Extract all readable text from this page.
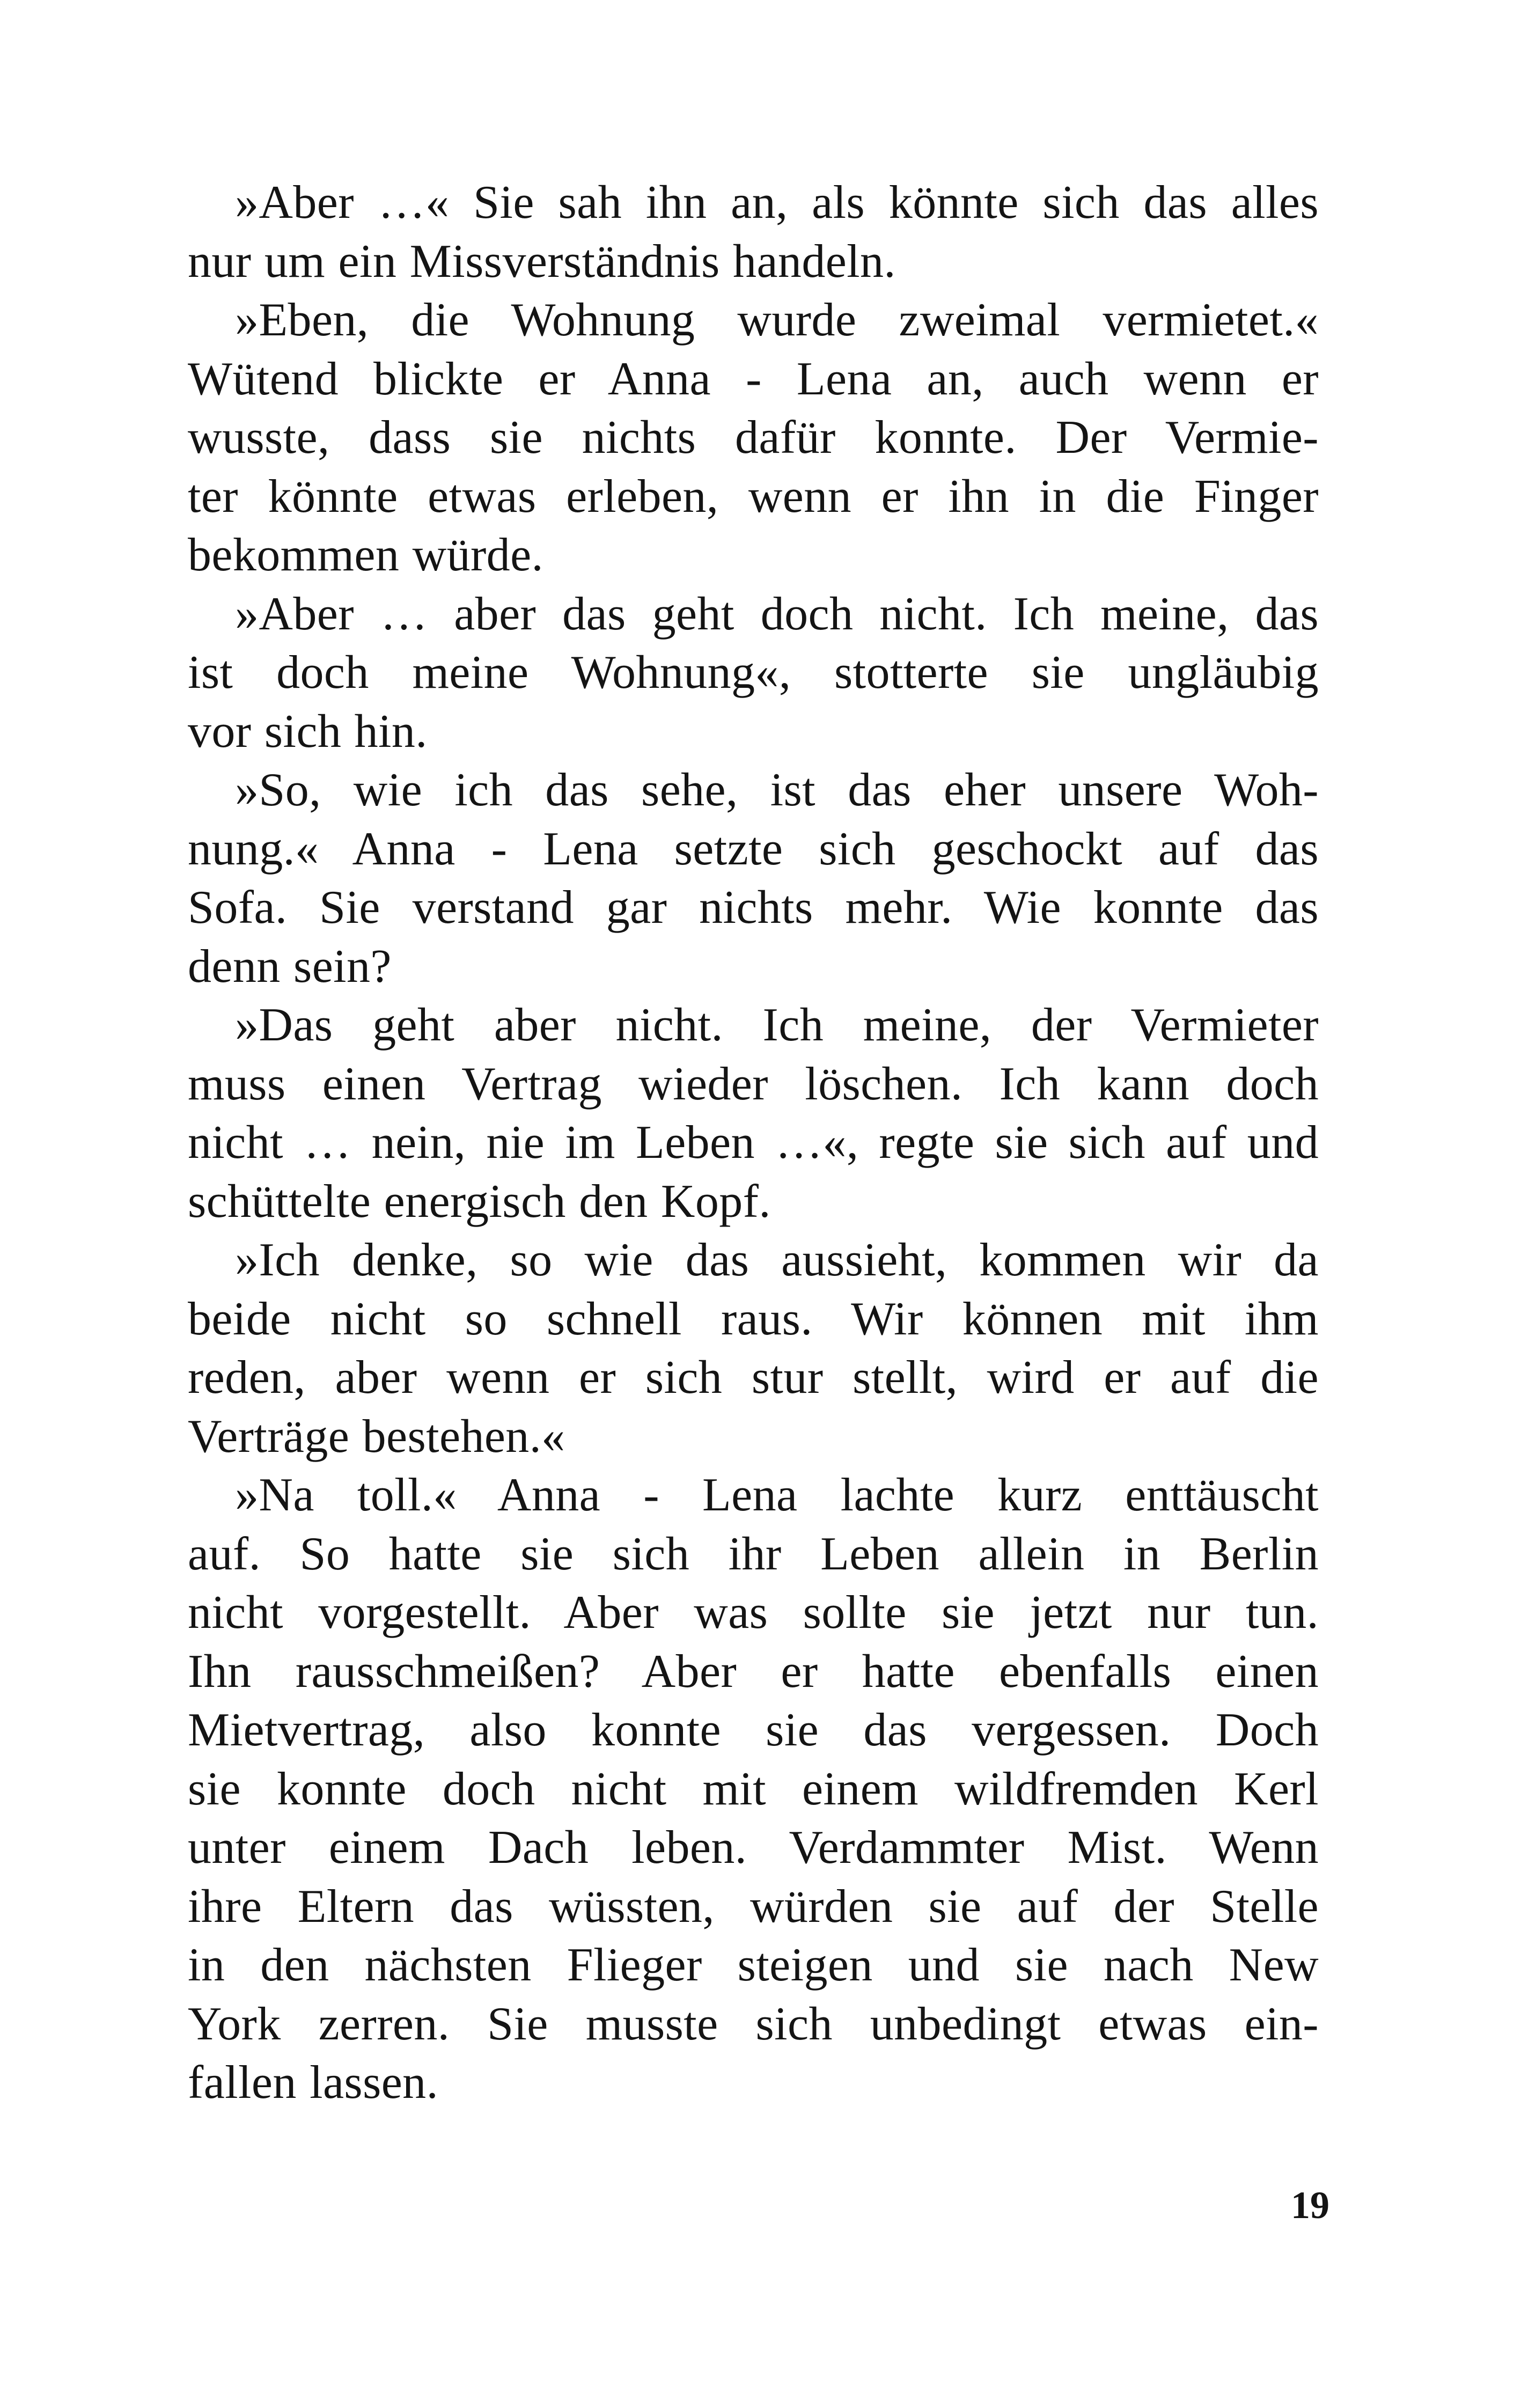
»Aber …« Sie sah ihn an, als könnte sich das alles
nur um ein Missverständnis handeln.
»Eben, die Wohnung wurde zweimal vermietet.«
Wütend blickte er Anna - Lena an, auch wenn er
wusste, dass sie nichts dafür konnte. Der Vermie-
ter könnte etwas erleben, wenn er ihn in die Finger
bekommen würde.
»Aber … aber das geht doch nicht. Ich meine, das
ist doch meine Wohnung«, stotterte sie ungläubig
vor sich hin.
»So, wie ich das sehe, ist das eher unsere Woh-
nung.« Anna - Lena setzte sich geschockt auf das
Sofa. Sie verstand gar nichts mehr. Wie konnte das
denn sein?
»Das geht aber nicht. Ich meine, der Vermieter
muss einen Vertrag wieder löschen. Ich kann doch
nicht … nein, nie im Leben …«, regte sie sich auf und
schüttelte energisch den Kopf.
»Ich denke, so wie das aussieht, kommen wir da
beide nicht so schnell raus. Wir können mit ihm
reden, aber wenn er sich stur stellt, wird er auf die
Verträge bestehen.«
»Na toll.« Anna - Lena lachte kurz enttäuscht
auf. So hatte sie sich ihr Leben allein in Berlin
nicht vorgestellt. Aber was sollte sie jetzt nur tun.
Ihn rausschmeißen? Aber er hatte ebenfalls einen
Mietvertrag, also konnte sie das vergessen. Doch
sie konnte doch nicht mit einem wildfremden Kerl
unter einem Dach leben. Verdammter Mist. Wenn
ihre Eltern das wüssten, würden sie auf der Stelle
in den nächsten Flieger steigen und sie nach New
York zerren. Sie musste sich unbedingt etwas ein-
fallen lassen.
19
